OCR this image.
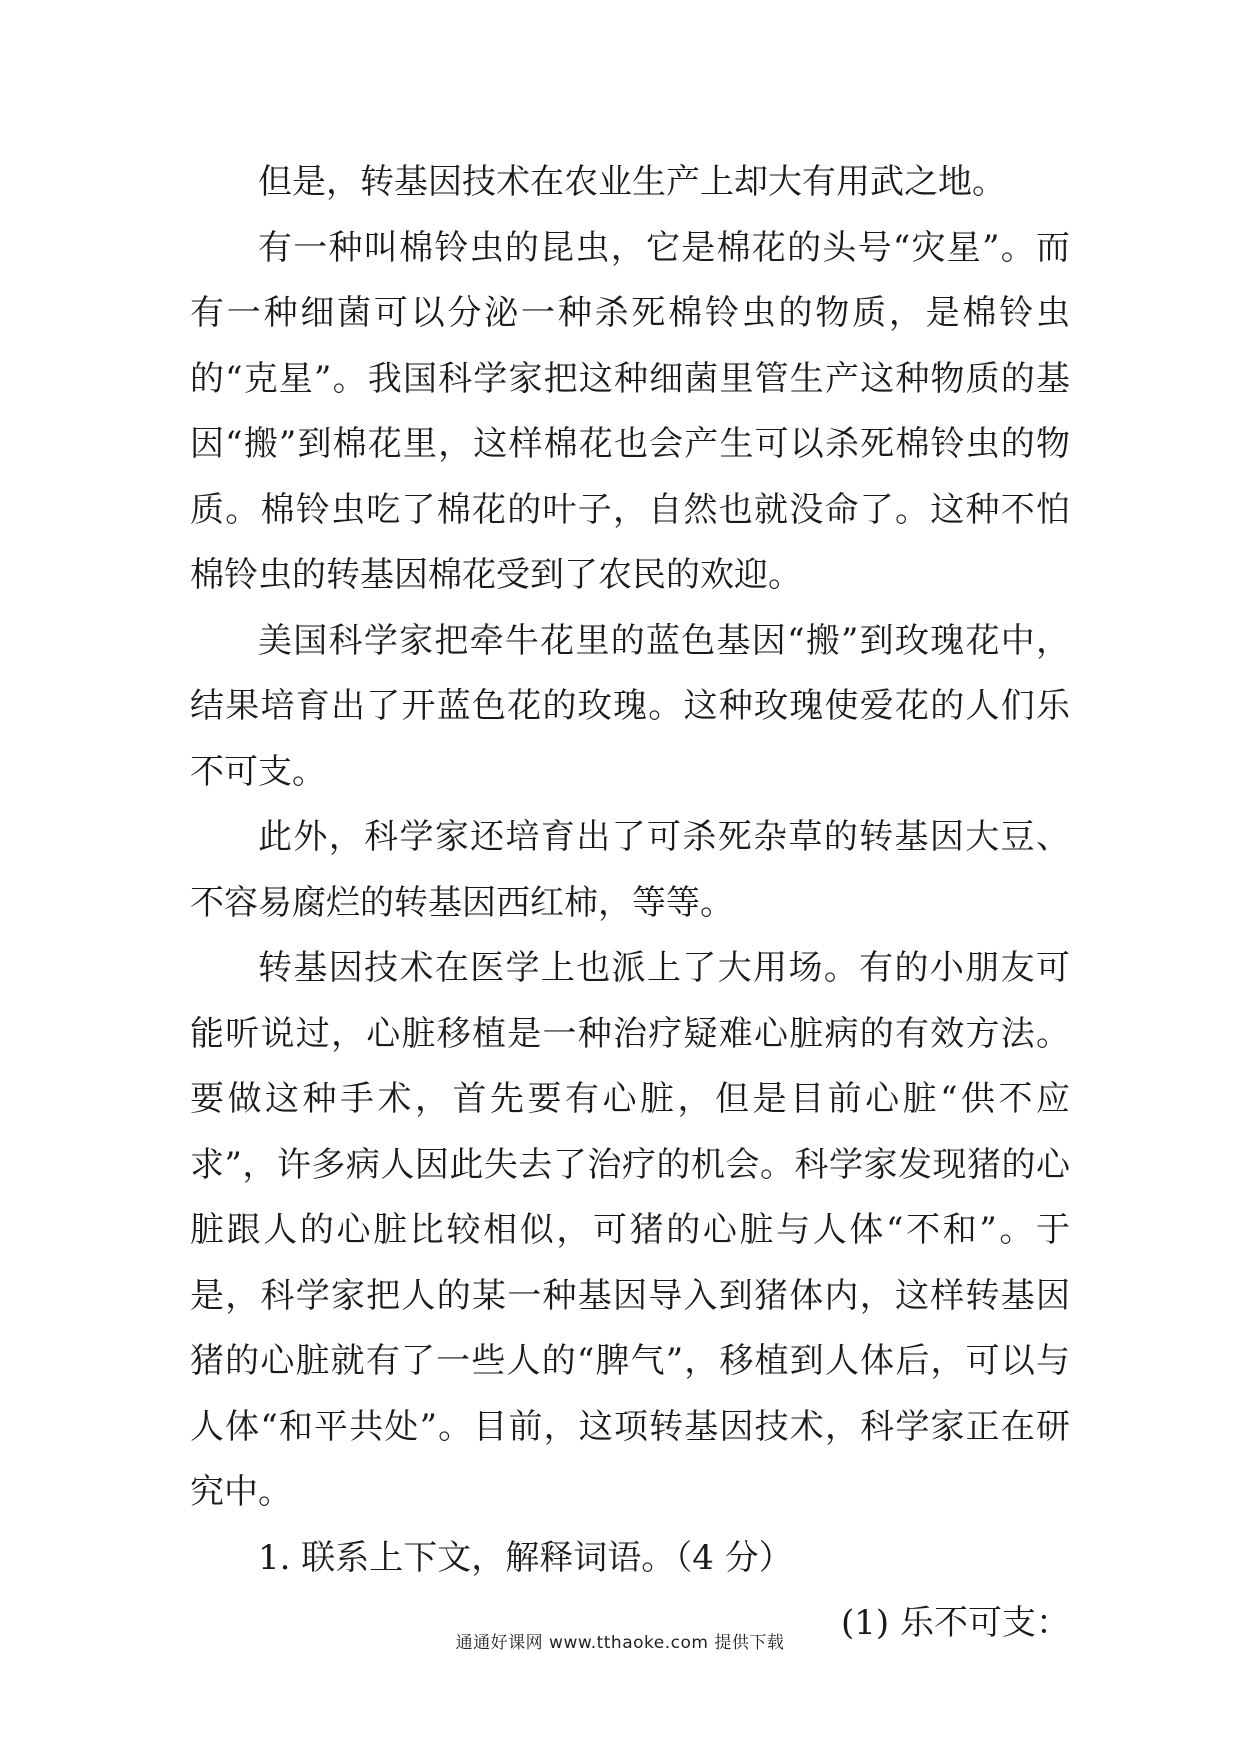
但是，转基因技术在农业生产上却大有用武之地。

有一种叫棉铃虫的昆虫，它是棉花的头号“灾星”。而有一种细菌可以分泌一种杀死棉铃虫的物质，是棉铃虫的“克星”。我国科学家把这种细菌里管生产这种物质的基因“搬”到棉花里，这样棉花也会产生可以杀死棉铃虫的物质。棉铃虫吃了棉花的叶子，自然也就没命了。这种不怕棉铃虫的转基因棉花受到了农民的欢迎。

美国科学家把牵牛花里的蓝色基因“搬”到玫瑰花中，结果培育出了开蓝色花的玫瑰。这种玫瑰使爱花的人们乐不可支。

此外，科学家还培育出了可杀死杂草的转基因大豆、不容易腐烂的转基因西红柿，等等。

转基因技术在医学上也派上了大用场。有的小朋友可能听说过，心脏移植是一种治疗疑难心脏病的有效方法。要做这种手术，首先要有心脏，但是目前心脏“供不应求”，许多病人因此失去了治疗的机会。科学家发现猪的心脏跟人的心脏比较相似，可猪的心脏与人体“不和”。于是，科学家把人的某一种基因导入到猪体内，这样转基因猪的心脏就有了一些人的“脾气”，移植到人体后，可以与人体“和平共处”。目前，这项转基因技术，科学家正在研究中。

1. 联系上下文，解释词语。（4 分）

(1) 乐不可支：

通通好课网 www.tthaoke.com 提供下载
